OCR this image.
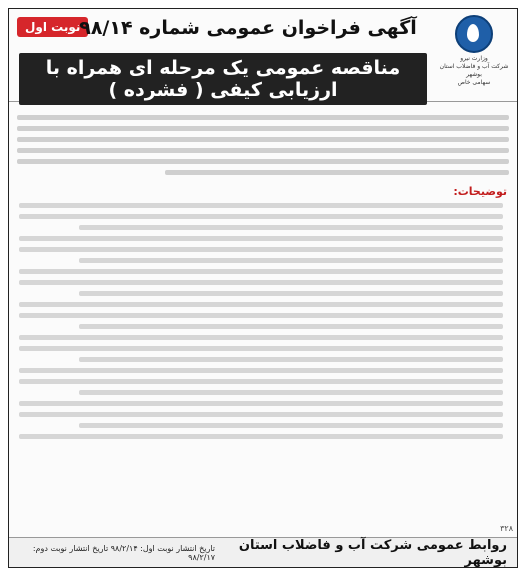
وزارت نیرو
شرکت آب و فاضلاب استان بوشهر
سهامی خاص
نوبت اول
آگهی فراخوان عمومی شماره ۹۸/۱۴
مناقصه عمومی یک مرحله ای همراه با ارزیابی کیفی ( فشرده )
توضیحات:
۳۲۸
روابط عمومی شرکت آب و فاضلاب استان بوشهر
تاریخ انتشار نوبت اول: ۹۸/۲/۱۴ تاریخ انتشار نوبت دوم: ۹۸/۲/۱۷
